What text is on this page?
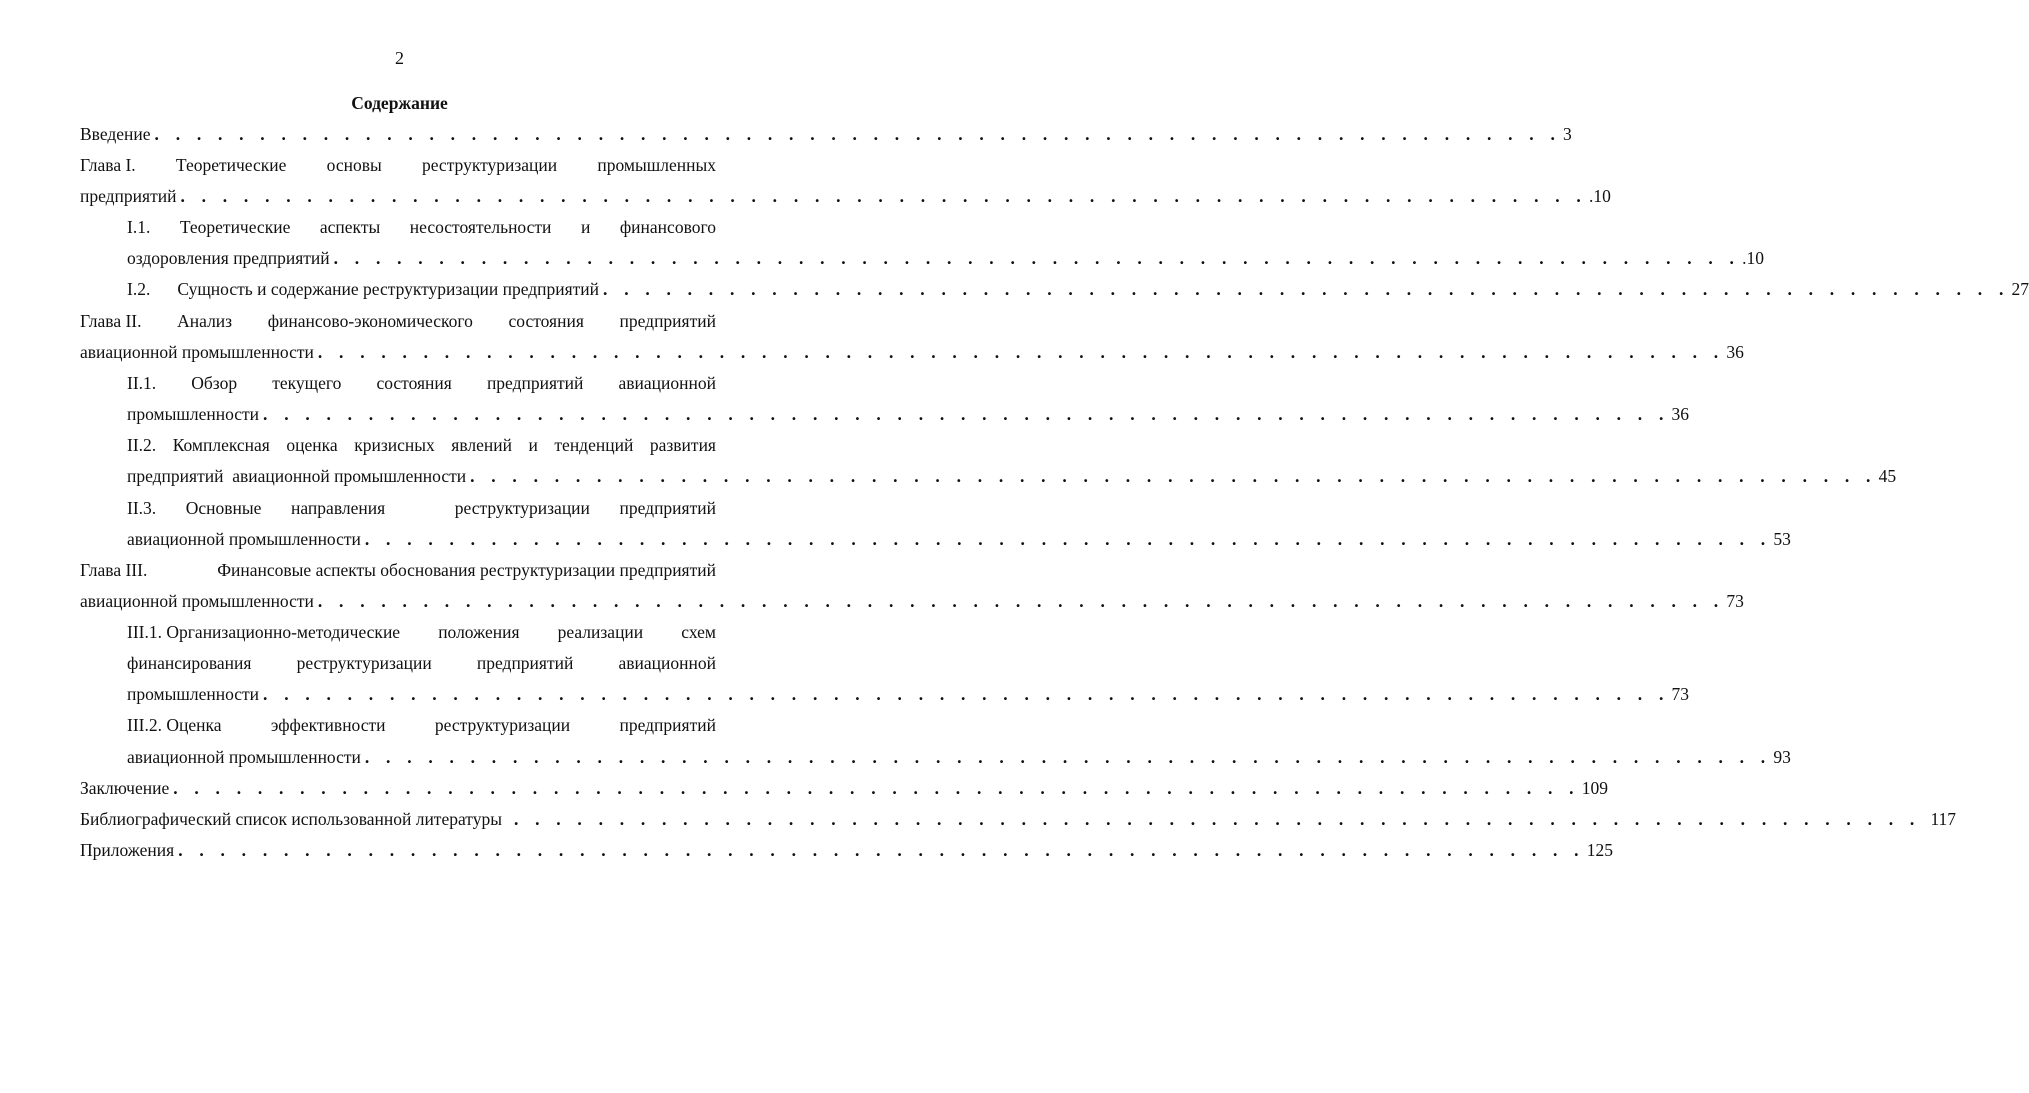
2
Содержание
Введение . . . . . . . . . . . . . . . . . . . . . . . . . . . . . . . . . . . . . . . . . . . . . . . . . . . . . . . . . . . . . . . . . . . 3
Глава I. Теоретические основы реструктуризации промышленных
предприятий . . . . . . . . . . . . . . . . . . . . . . . . . . . . . . . . . . . . . . . . . . . . . . . . . . . . . . . . . . . . . . . . . . . .10
I.1. Теоретические аспекты несостоятельности и финансового
оздоровления предприятий . . . . . . . . . . . . . . . . . . . . . . . . . . . . . . . . . . . . . . . . . . . . . . . . . . . . . . . . . . . . . . . . . . . .10
I.2.	Сущность и содержание реструктуризации предприятий . . . . . . . . . . . . . . . . . . . . . . . . . . . . . . . . . . . . . . . . . . . . . . . . . . . . . . . . . . . . . . . . . . . 27
Глава II. Анализ финансово-экономического состояния предприятий
авиационной промышленности . . . . . . . . . . . . . . . . . . . . . . . . . . . . . . . . . . . . . . . . . . . . . . . . . . . . . . . . . . . . . . . . . . . 36
II.1. Обзор текущего состояния предприятий авиационной
промышленности . . . . . . . . . . . . . . . . . . . . . . . . . . . . . . . . . . . . . . . . . . . . . . . . . . . . . . . . . . . . . . . . . . . 36
II.2. Комплексная оценка кризисных явлений и тенденций развития
предприятий  авиационной промышленности . . . . . . . . . . . . . . . . . . . . . . . . . . . . . . . . . . . . . . . . . . . . . . . . . . . . . . . . . . . . . . . . . . . 45
II.3. Основные направления	реструктуризации предприятий
авиационной промышленности . . . . . . . . . . . . . . . . . . . . . . . . . . . . . . . . . . . . . . . . . . . . . . . . . . . . . . . . . . . . . . . . . . . 53
Глава III.	Финансовые аспекты обоснования реструктуризации предприятий
авиационной промышленности . . . . . . . . . . . . . . . . . . . . . . . . . . . . . . . . . . . . . . . . . . . . . . . . . . . . . . . . . . . . . . . . . . . 73
III.1. Организационно-методические положения реализации схем
финансирования	реструктуризации	предприятий	авиационной
промышленности . . . . . . . . . . . . . . . . . . . . . . . . . . . . . . . . . . . . . . . . . . . . . . . . . . . . . . . . . . . . . . . . . . . 73
III.2. Оценка	эффективности	реструктуризации	предприятий
авиационной промышленности . . . . . . . . . . . . . . . . . . . . . . . . . . . . . . . . . . . . . . . . . . . . . . . . . . . . . . . . . . . . . . . . . . . 93
Заключение . . . . . . . . . . . . . . . . . . . . . . . . . . . . . . . . . . . . . . . . . . . . . . . . . . . . . . . . . . . . . . . . . . . 109
Библиографический список использованной литературы . . . . . . . . . . . . . . . . . . . . . . . . . . . . . . . . . . . . . . . . . . . . . . . . . . . . . . . . . . . . . . . . . . . 117
Приложения . . . . . . . . . . . . . . . . . . . . . . . . . . . . . . . . . . . . . . . . . . . . . . . . . . . . . . . . . . . . . . . . . . . 125
